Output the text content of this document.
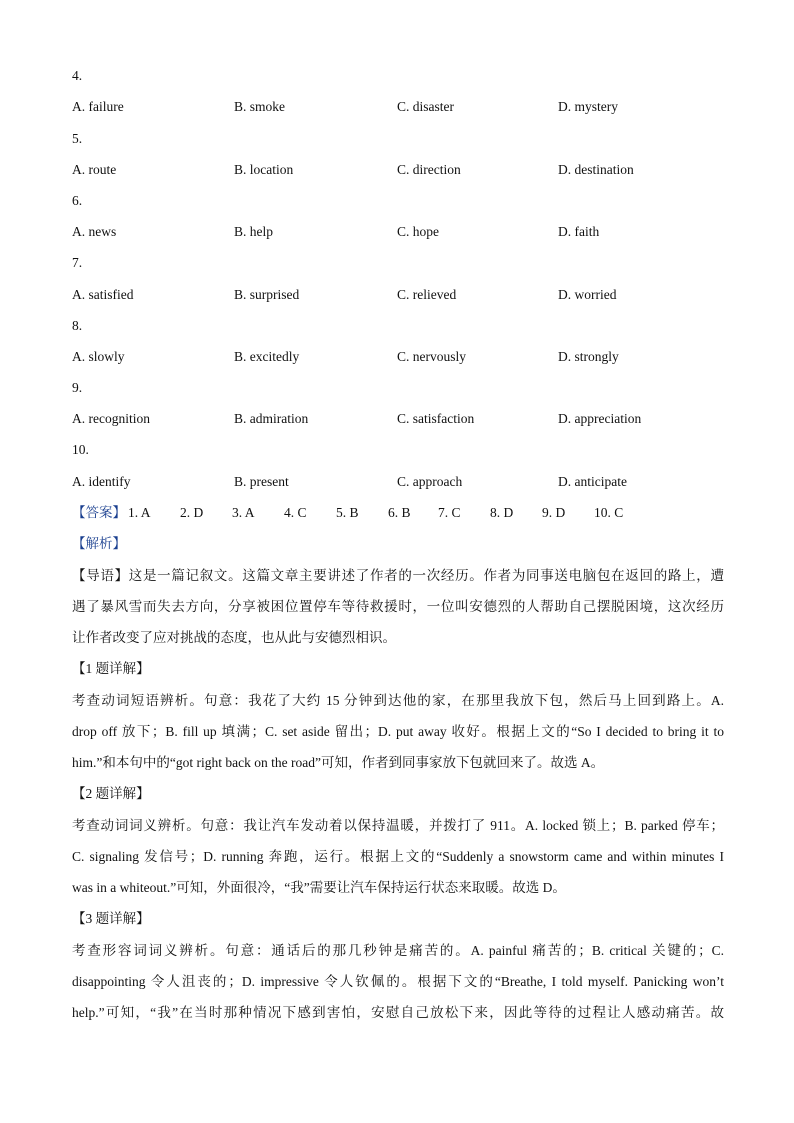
4.
A. failure	B. smoke	C. disaster	D. mystery
5.
A. route	B. location	C. direction	D. destination
6.
A. news	B. help	C. hope	D. faith
7.
A. satisfied	B. surprised	C. relieved	D. worried
8.
A. slowly	B. excitedly	C. nervously	D. strongly
9.
A. recognition	B. admiration	C. satisfaction	D. appreciation
10.
A. identify	B. present	C. approach	D. anticipate
【答案】 1. A 2. D 3. A 4. C 5. B 6. B 7. C 8. D 9. D 10. C
【解析】
【导语】这是一篇记叙文。这篇文章主要讲述了作者的一次经历。作者为同事送电脑包在返回的路上，遭
遇了暴风雪而失去方向，分享被困位置停车等待救援时，一位叫安德烈的人帮助自己摆脱困境，这次经历
让作者改变了应对挑战的态度，也从此与安德烈相识。
【1 题详解】
考查动词短语辨析。句意：我花了大约 15 分钟到达他的家，在那里我放下包，然后马上回到路上。A.
drop off 放下；B. fill up 填满；C. set aside 留出；D. put away 收好。根据上文的“So I decided to bring it to
him.”和本句中的“got right back on the road”可知，作者到同事家放下包就回来了。故选 A。
【2 题详解】
考查动词词义辨析。句意：我让汽车发动着以保持温暖，并拨打了 911。A. locked 锁上；B. parked 停车；
C. signaling 发信号；D. running 奔跑，运行。根据上文的“Suddenly a snowstorm came and within minutes I
was in a whiteout.”可知，外面很冷，“我”需要让汽车保持运行状态来取暖。故选 D。
【3 题详解】
考查形容词词义辨析。句意：通话后的那几秒钟是痛苦的。A. painful 痛苦的；B. critical 关键的；C.
disappointing 令人沮丧的；D. impressive 令人钦佩的。根据下文的“Breathe, I told myself. Panicking won’t
help.”可知，“我”在当时那种情况下感到害怕，安慰自己放松下来，因此等待的过程让人感动痛苦。故
